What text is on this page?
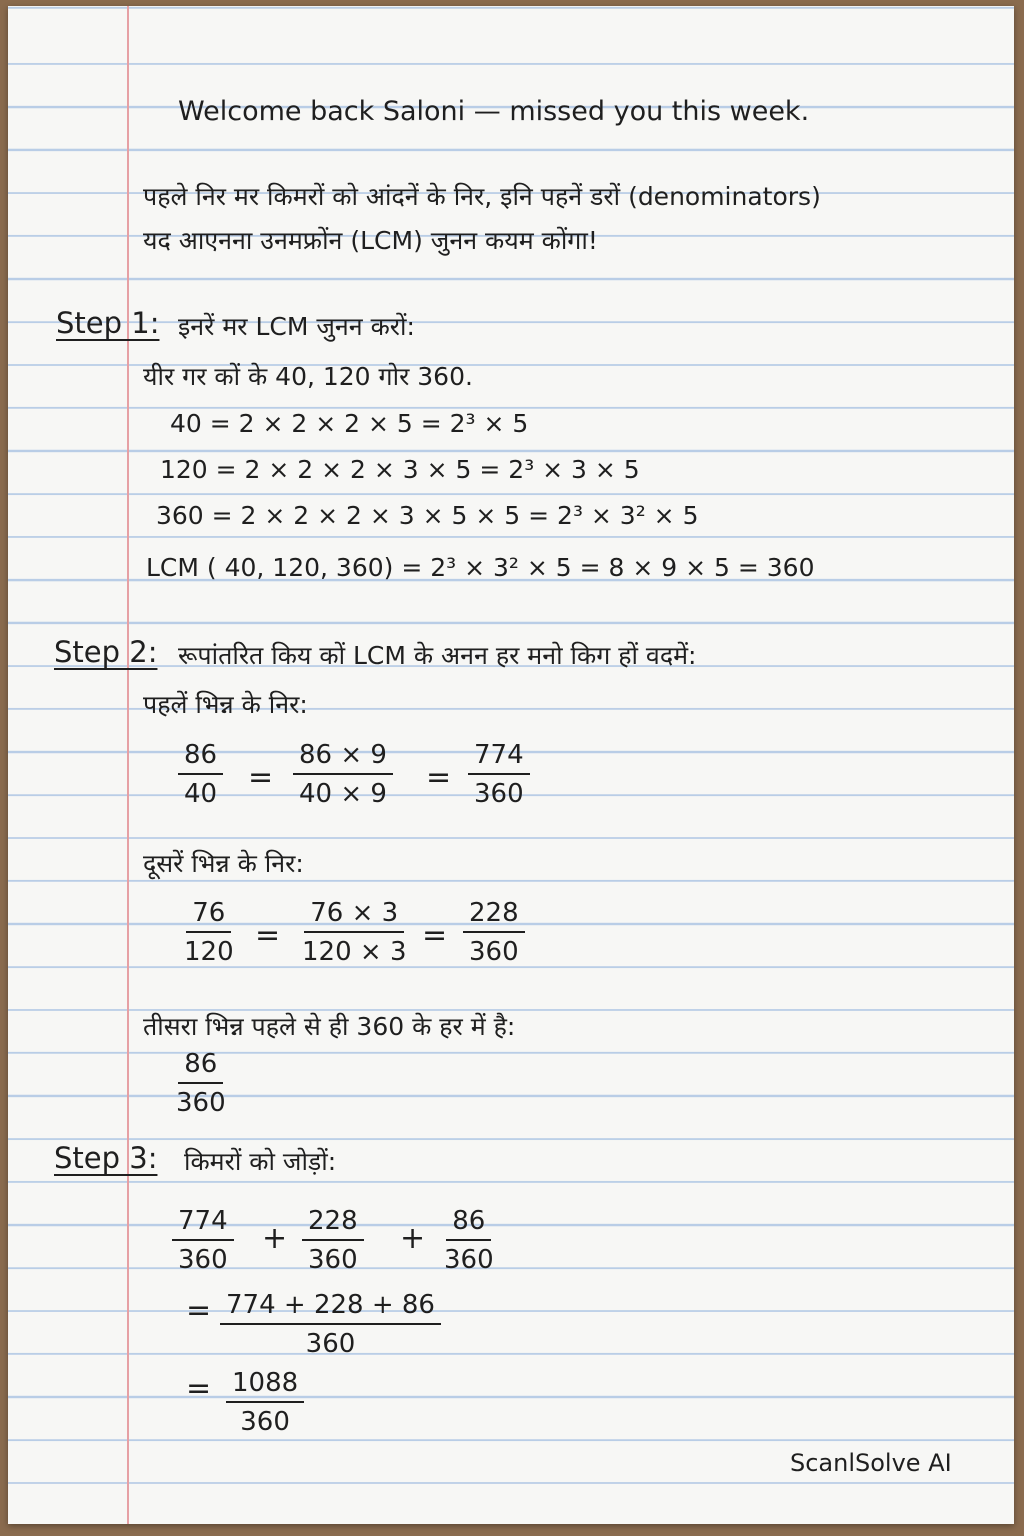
Welcome back Saloni — missed you this week.
पहले निर मर किमरों को आंदनें के निर, इनि पहनें डरों (denominators)
यद आएनना उनमफ्रोंन (LCM) जुनन कयम कोंगा!
Step 1: इनरें मर LCM जुनन करों:
यीर गर कों के 40, 120 गोर 360.
40 = 2 × 2 × 2 × 5 = 2³ × 5
120 = 2 × 2 × 2 × 3 × 5 = 2³ × 3 × 5
360 = 2 × 2 × 2 × 3 × 5 × 5 = 2³ × 3² × 5
LCM ( 40, 120, 360) = 2³ × 3² × 5 = 8 × 9 × 5 = 360
Step 2: रूपांतरित किय कों LCM के अनन हर मनो किग हों वदमें:
पहलें भिन्न के निर:
$\frac{86}{40} = \frac{86 \times 9}{40 \times 9} = \frac{774}{360}$
दूसरें भिन्न के निर:
$\frac{76}{120} = \frac{76 \times 3}{120 \times 3} = \frac{228}{360}$
तीसरा भिन्न पहले से ही 360 के हर में है:
$\frac{86}{360}$
Step 3: किमरों को जोड़ों:
$\frac{774}{360} + \frac{228}{360} + \frac{86}{360}$
= $\frac{774 + 228 + 86}{360}$
= $\frac{1088}{360}$
ScanlSolve AI
